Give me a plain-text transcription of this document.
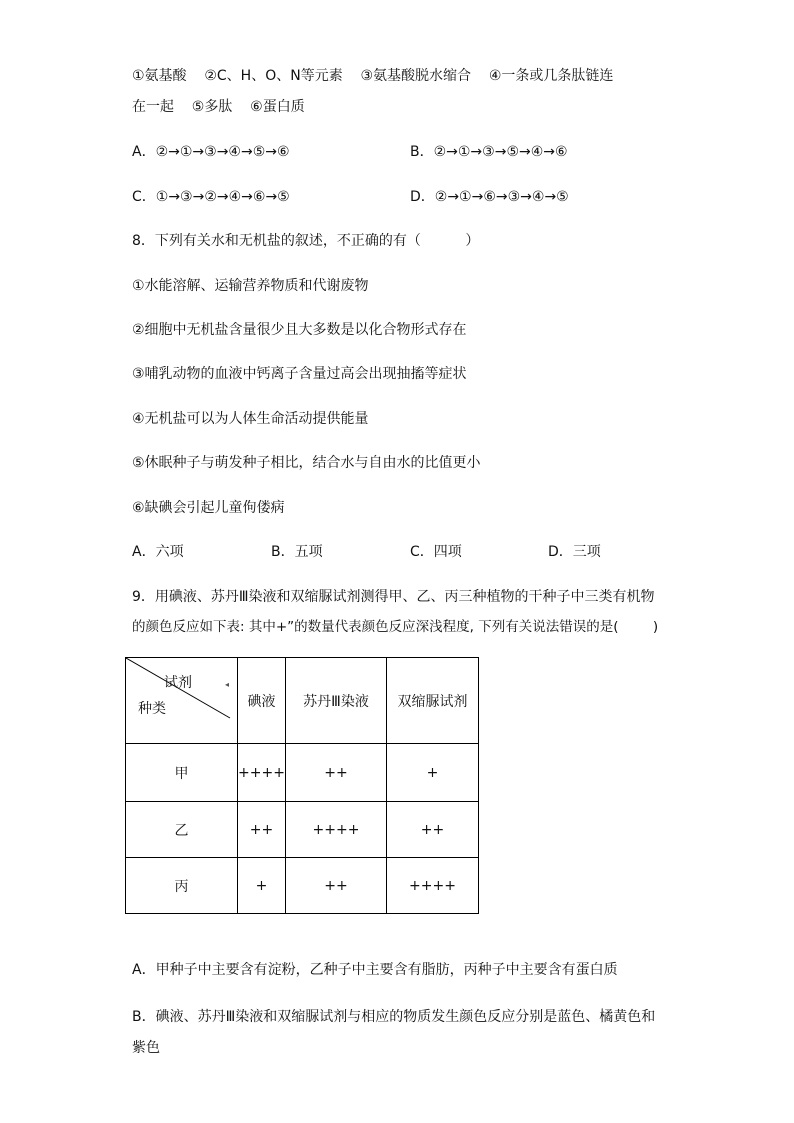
①氨基酸    ②C、H、O、N等元素    ③氨基酸脱水缩合    ④一条或几条肽链连
在一起    ⑤多肽    ⑥蛋白质
A．②→①→③→④→⑤→⑥	B．②→①→③→⑤→④→⑥
C．①→③→②→④→⑥→⑤	D．②→①→⑥→③→④→⑤
8．下列有关水和无机盐的叙述，不正确的有（          ）
①水能溶解、运输营养物质和代谢废物
②细胞中无机盐含量很少且大多数是以化合物形式存在
③哺乳动物的血液中钙离子含量过高会出现抽搐等症状
④无机盐可以为人体生命活动提供能量
⑤休眠种子与萌发种子相比，结合水与自由水的比值更小
⑥缺碘会引起儿童佝偻病
A．六项	B．五项	C．四项	D．三项
9．用碘液、苏丹Ⅲ染液和双缩脲试剂测得甲、乙、丙三种植物的干种子中三类有机物
的颜色反应如下表: 其中+”的数量代表颜色反应深浅程度, 下列有关说法错误的是(        )
试剂
种类
◂	碘液	苏丹Ⅲ染液	双缩脲试剂
甲	++++	++	+
乙	++	++++	++
丙	+	++	++++
A．甲种子中主要含有淀粉，乙种子中主要含有脂肪，丙种子中主要含有蛋白质
B．碘液、苏丹Ⅲ染液和双缩脲试剂与相应的物质发生颜色反应分别是蓝色、橘黄色和
紫色
